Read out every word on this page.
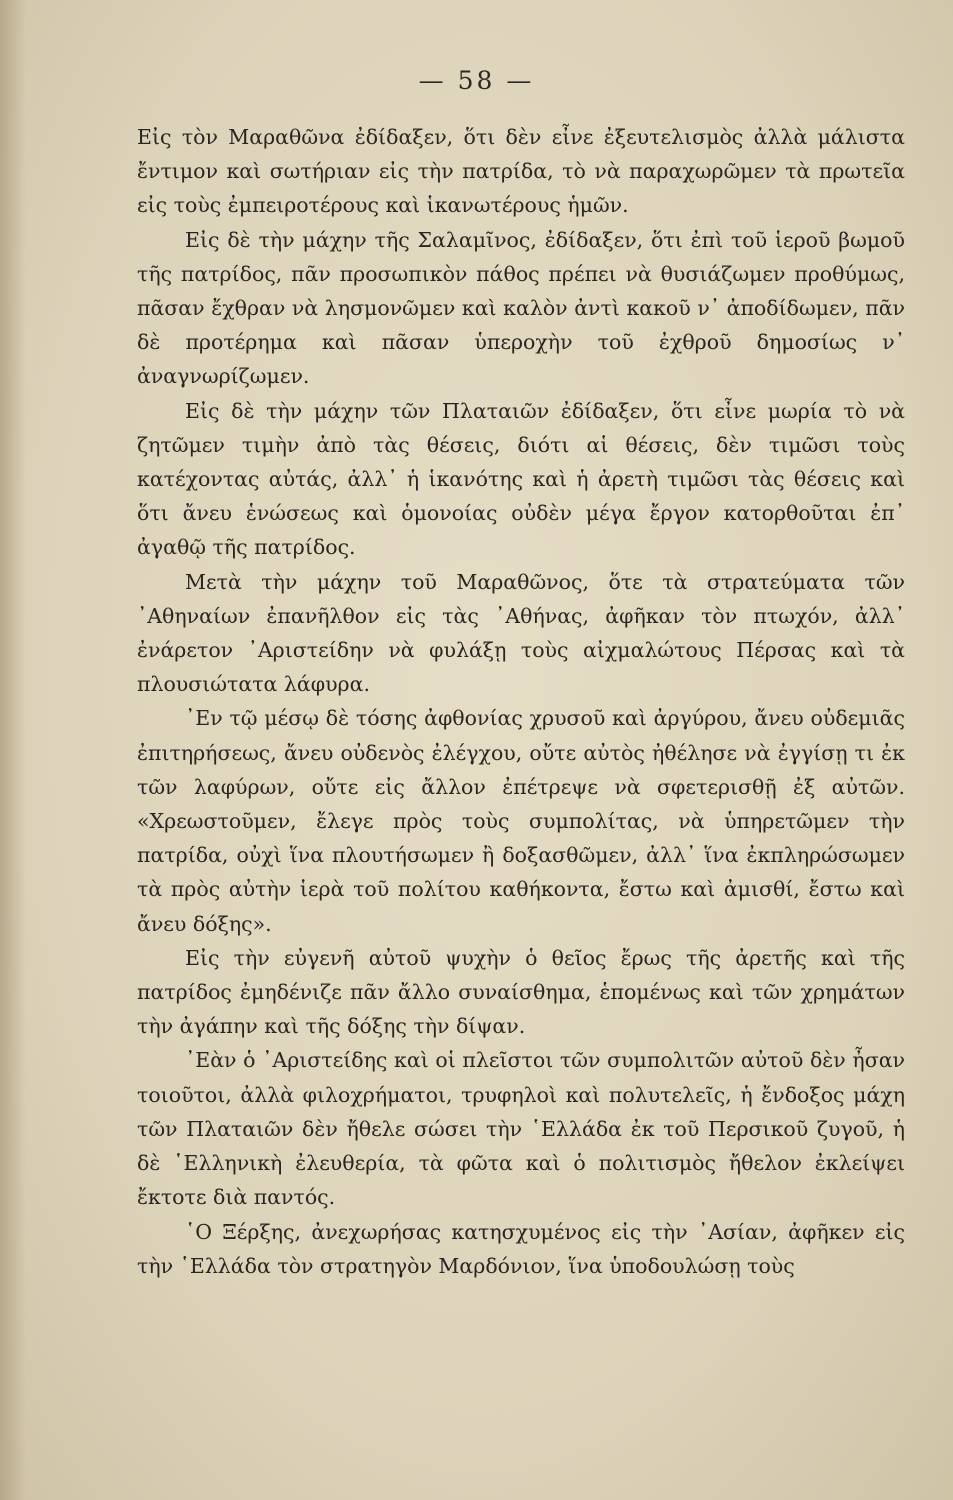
— 58 —

Εἰς τὸν Μαραθῶνα ἐδίδαξεν, ὅτι δὲν εἶνε ἐξευτελισμὸς ἀλλὰ μάλιστα ἔντιμον καὶ σωτήριαν εἰς τὴν πατρίδα, τὸ νὰ παραχωρῶμεν τὰ πρωτεῖα εἰς τοὺς ἐμπειροτέρους καὶ ἱκανωτέρους ἡμῶν.

Εἰς δὲ τὴν μάχην τῆς Σαλαμῖνος, ἐδίδαξεν, ὅτι ἐπὶ τοῦ ἱεροῦ βωμοῦ τῆς πατρίδος, πᾶν προσωπικὸν πάθος πρέπει νὰ θυσιάζωμεν προθύμως, πᾶσαν ἔχθραν νὰ λησμονῶμεν καὶ καλὸν ἀντὶ κακοῦ ν᾽ ἀποδίδωμεν, πᾶν δὲ προτέρημα καὶ πᾶσαν ὑπεροχὴν τοῦ ἐχθροῦ δημοσίως ν᾽ ἀναγνωρίζωμεν.

Εἰς δὲ τὴν μάχην τῶν Πλαταιῶν ἐδίδαξεν, ὅτι εἶνε μωρία τὸ νὰ ζητῶμεν τιμὴν ἀπὸ τὰς θέσεις, διότι αἱ θέσεις, δὲν τιμῶσι τοὺς κατέχοντας αὐτάς, ἀλλ᾽ ἡ ἱκανότης καὶ ἡ ἀρετὴ τιμῶσι τὰς θέσεις καὶ ὅτι ἄνευ ἑνώσεως καὶ ὁμονοίας οὐδὲν μέγα ἔργον κατορθοῦται ἐπ᾽ ἀγαθῷ τῆς πατρίδος.

Μετὰ τὴν μάχην τοῦ Μαραθῶνος, ὅτε τὰ στρατεύματα τῶν ᾽Αθηναίων ἐπανῆλθον εἰς τὰς ᾽Αθήνας, ἀφῆκαν τὸν πτωχόν, ἀλλ᾽ ἐνάρετον ᾽Αριστείδην νὰ φυλάξῃ τοὺς αἰχμαλώτους Πέρσας καὶ τὰ πλουσιώτατα λάφυρα.

᾽Εν τῷ μέσῳ δὲ τόσης ἀφθονίας χρυσοῦ καὶ ἀργύρου, ἄνευ οὐδεμιᾶς ἐπιτηρήσεως, ἄνευ οὐδενὸς ἐλέγχου, οὔτε αὐτὸς ἠθέλησε νὰ ἐγγίσῃ τι ἐκ τῶν λαφύρων, οὔτε εἰς ἄλλον ἐπέτρεψε νὰ σφετερισθῇ ἐξ αὐτῶν. «Χρεωστοῦμεν, ἔλεγε πρὸς τοὺς συμπολίτας, νὰ ὑπηρετῶμεν τὴν πατρίδα, οὐχὶ ἵνα πλουτήσωμεν ἢ δοξασθῶμεν, ἀλλ᾽ ἵνα ἐκπληρώσωμεν τὰ πρὸς αὐτὴν ἱερὰ τοῦ πολίτου καθήκοντα, ἔστω καὶ ἀμισθί, ἔστω καὶ ἄνευ δόξης».

Εἰς τὴν εὐγενῆ αὐτοῦ ψυχὴν ὁ θεῖος ἔρως τῆς ἀρετῆς καὶ τῆς πατρίδος ἐμηδένιζε πᾶν ἄλλο συναίσθημα, ἑπομένως καὶ τῶν χρημάτων τὴν ἀγάπην καὶ τῆς δόξης τὴν δίψαν.

᾽Εὰν ὁ ᾽Αριστείδης καὶ οἱ πλεῖστοι τῶν συμπολιτῶν αὐτοῦ δὲν ἦσαν τοιοῦτοι, ἀλλὰ φιλοχρήματοι, τρυφηλοὶ καὶ πολυτελεῖς, ἡ ἔνδοξος μάχη τῶν Πλαταιῶν δὲν ἤθελε σώσει τὴν ῾Ελλάδα ἐκ τοῦ Περσικοῦ ζυγοῦ, ἡ δὲ ῾Ελληνικὴ ἐλευθερία, τὰ φῶτα καὶ ὁ πολιτισμὸς ἤθελον ἐκλείψει ἔκτοτε διὰ παντός.

῾Ο Ξέρξης, ἀνεχωρήσας κατησχυμένος εἰς τὴν ᾽Ασίαν, ἀφῆκεν εἰς τὴν ῾Ελλάδα τὸν στρατηγὸν Μαρδόνιον, ἵνα ὑποδουλώσῃ τοὺς
